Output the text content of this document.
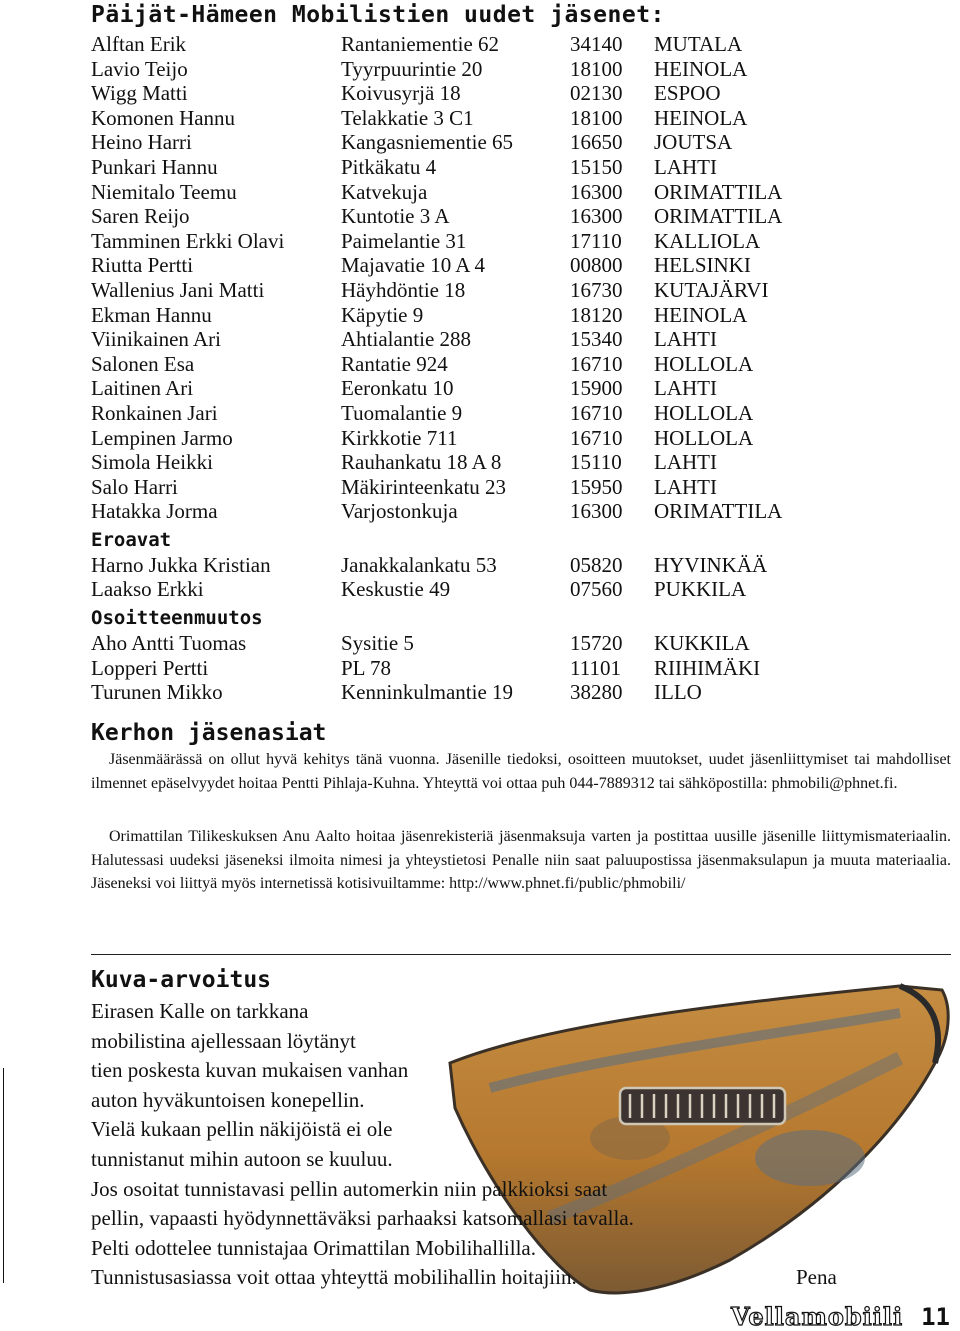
Päijät-Hämeen Mobilistien uudet jäsenet:
Alftan Erik	Rantaniementie 62	34140 MUTALA
Lavio Teijo	Tyyrpuurintie 20	18100 HEINOLA
Wigg Matti	Koivusyrjä 18	02130 ESPOO
Komonen Hannu	Telakkatie 3 C1	18100 HEINOLA
Heino Harri	Kangasniementie 65	16650 JOUTSA
Punkari Hannu	Pitkäkatu 4	15150 LAHTI
Niemitalo Teemu	Katvekuja	16300 ORIMATTILA
Saren Reijo	Kuntotie 3 A	16300 ORIMATTILA
Tamminen Erkki Olavi	Paimelantie 31	17110 KALLIOLA
Riutta Pertti	Majavatie 10 A 4	00800 HELSINKI
Wallenius Jani Matti	Häyhdöntie 18	16730 KUTAJÄRVI
Ekman Hannu	Käpytie 9	18120 HEINOLA
Viinikainen Ari	Ahtialantie 288	15340 LAHTI
Salonen Esa	Rantatie 924	16710 HOLLOLA
Laitinen Ari	Eeronkatu 10	15900 LAHTI
Ronkainen Jari	Tuomalantie 9	16710 HOLLOLA
Lempinen Jarmo	Kirkkotie 711	16710 HOLLOLA
Simola Heikki	Rauhankatu 18 A 8	15110 LAHTI
Salo Harri	Mäkirinteenkatu 23	15950 LAHTI
Hatakka Jorma	Varjostonkuja	16300 ORIMATTILA
Eroavat
Harno Jukka Kristian	Janakkalankatu 53	05820 HYVINKÄÄ
Laakso Erkki	Keskustie 49	07560 PUKKILA
Osoitteenmuutos
Aho Antti Tuomas	Sysitie 5	15720 KUKKILA
Lopperi Pertti	PL 78	11101 RIIHIMÄKI
Turunen Mikko	Kenninkulmantie 19	38280 ILLO
Kerhon jäsenasiat

Jäsenmäärässä on ollut hyvä kehitys tänä vuonna. Jäsenille tiedoksi, osoitteen muutokset, uudet jäsenliittymiset tai mahdolliset ilmennet epäselvyydet hoitaa Pentti Pihlaja-Kuhna. Yhteyttä voi ottaa puh 044-7889312 tai sähköpostilla: phmobili@phnet.fi.

Orimattilan Tilikeskuksen Anu Aalto hoitaa jäsenrekisteriä jäsenmaksuja varten ja postittaa uusille jäsenille liittymismateriaalin. Halutessasi uudeksi jäseneksi ilmoita nimesi ja yhteystietosi Penalle niin saat paluupostissa jäsenmaksulapun ja muuta materiaalia. Jäseneksi voi liittyä myös internetissä kotisivuiltamme: http://www.phnet.fi/public/phmobili/

Kuva-arvoitus
Eirasen Kalle on tarkkana
mobilistina ajellessaan löytänyt
tien poskesta kuvan mukaisen vanhan
auton hyväkuntoisen konepellin.
Vielä kukaan pellin näkijöistä ei ole
tunnistanut mihin autoon se kuuluu.
Jos osoitat tunnistavasi pellin automerkin niin palkkioksi saat
pellin, vapaasti hyödynnettäväksi parhaaksi katsomallasi tavalla.
Pelti odottelee tunnistajaa Orimattilan Mobilihallilla.
Tunnistusasiassa voit ottaa yhteyttä mobilihallin hoitajiin.	Pena
Vellamobiili 11
